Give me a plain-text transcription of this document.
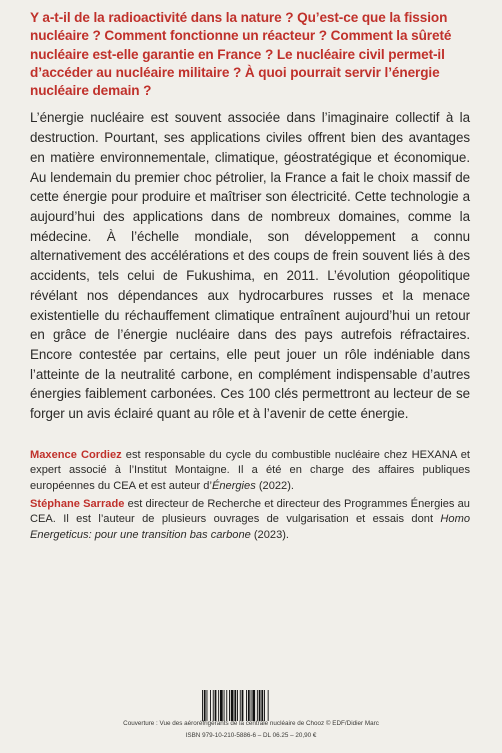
Y a-t-il de la radioactivité dans la nature ? Qu’est-ce que la fission nucléaire ? Comment fonctionne un réacteur ? Comment la sûreté nucléaire est-elle garantie en France ? Le nucléaire civil permet-il d’accéder au nucléaire militaire ? À quoi pourrait servir l’énergie nucléaire demain ?

L’énergie nucléaire est souvent associée dans l’imaginaire collectif à la destruction. Pourtant, ses applications civiles offrent bien des avantages en matière environnementale, climatique, géostratégique et économique. Au lendemain du premier choc pétrolier, la France a fait le choix massif de cette énergie pour produire et maîtriser son électricité. Cette technologie a aujourd’hui des applications dans de nombreux domaines, comme la médecine. À l’échelle mondiale, son développement a connu alternativement des accélérations et des coups de frein souvent liés à des accidents, tels celui de Fukushima, en 2011. L’évolution géopolitique révélant nos dépendances aux hydrocarbures russes et la menace existentielle du réchauffement climatique entraînent aujourd’hui un retour en grâce de l’énergie nucléaire dans des pays autrefois réfractaires. Encore contestée par certains, elle peut jouer un rôle indéniable dans l’atteinte de la neutralité carbone, en complément indispensable d’autres énergies faiblement carbonées. Ces 100 clés permettront au lecteur de se forger un avis éclairé quant au rôle et à l’avenir de cette énergie.

Maxence Cordiez est responsable du cycle du combustible nucléaire chez HEXANA et expert associé à l’Institut Montaigne. Il a été en charge des affaires publiques européennes du CEA et est auteur d’Énergies (2022).

Stéphane Sarrade est directeur de Recherche et directeur des Programmes Énergies au CEA. Il est l’auteur de plusieurs ouvrages de vulgarisation et essais dont Homo Energeticus: pour une transition bas carbone (2023).

Couverture : Vue des aéroréfrigérants de la centrale nucléaire de Chooz © EDF/Didier Marc
ISBN 979-10-210-5886-6 – DL 06.25 – 20,90 €
